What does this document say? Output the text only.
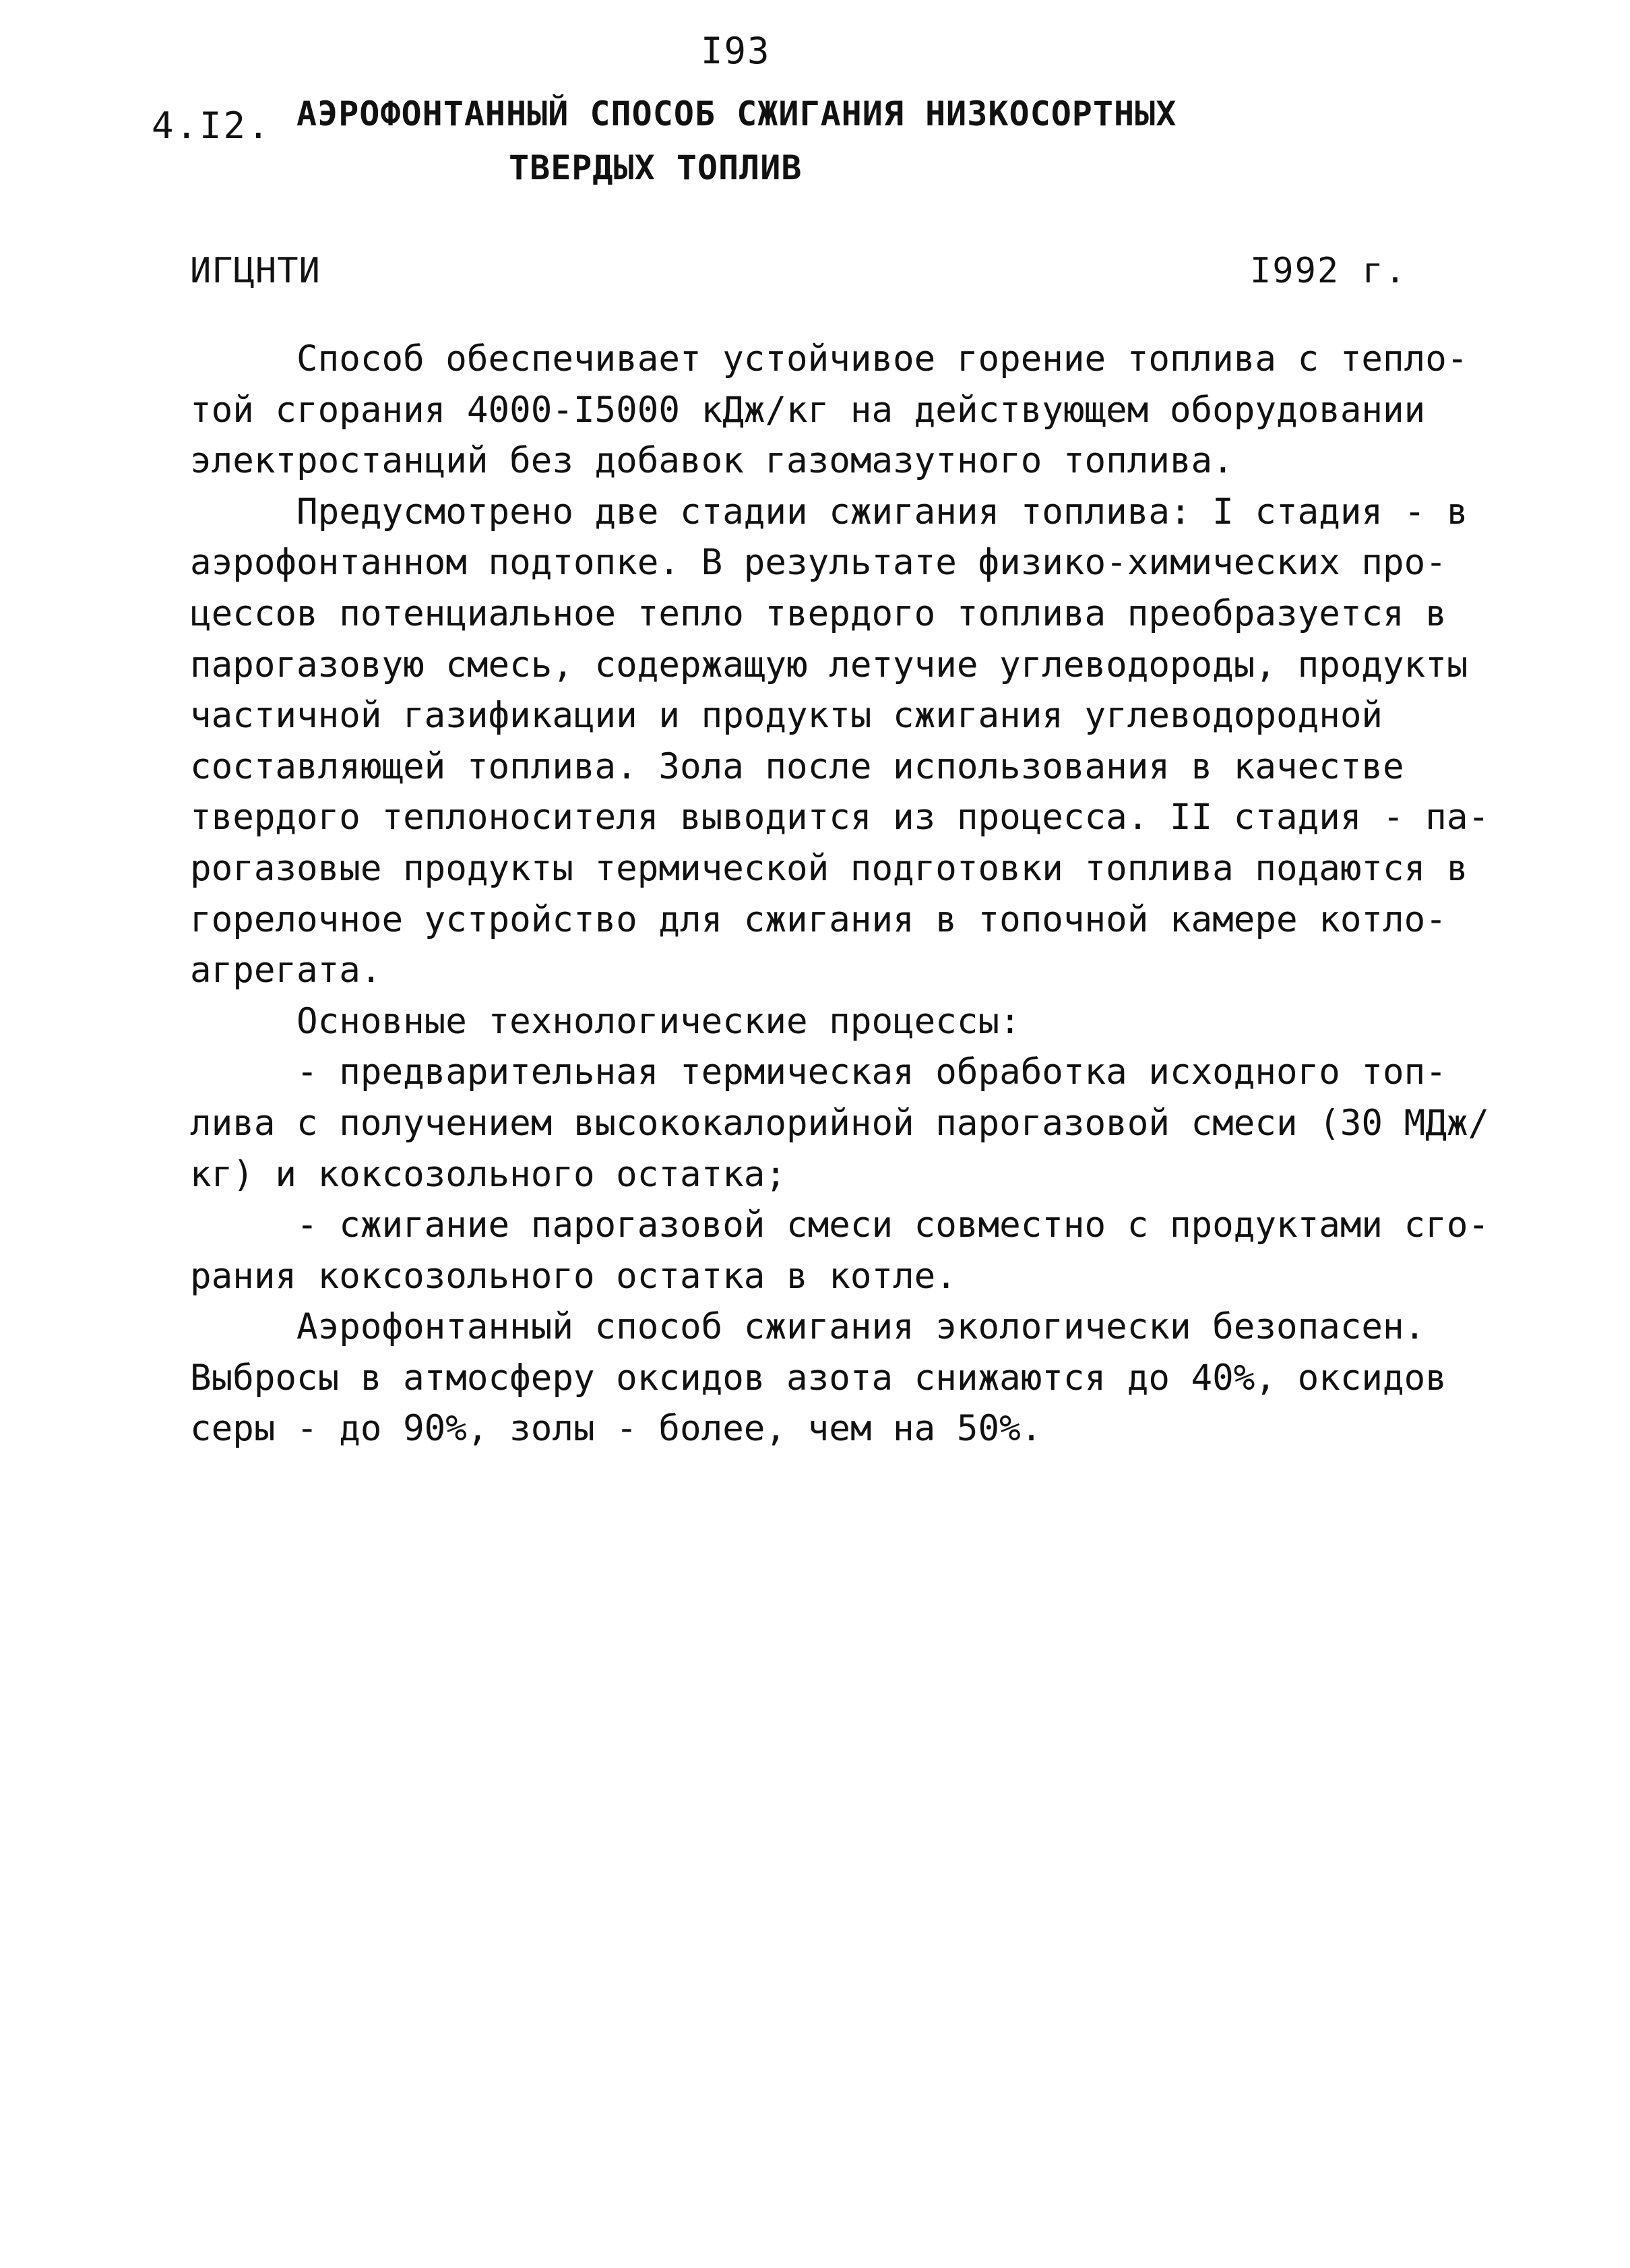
I93
4.I2. АЭРОФОНТАННЫЙ СПОСОБ СЖИГАНИЯ НИЗКОСОРТНЫХ
ТВЕРДЫХ ТОПЛИВ
ИГЦНТИ	I992 г.
Способ обеспечивает устойчивое горение топлива с тепло-
той сгорания 4000-I5000 кДж/кг на действующем оборудовании
электростанций без добавок газомазутного топлива.
Предусмотрено две стадии сжигания топлива: I стадия - в
аэрофонтанном подтопке. В результате физико-химических про-
цессов потенциальное тепло твердого топлива преобразуется в
парогазовую смесь, содержащую летучие углеводороды, продукты
частичной газификации и продукты сжигания углеводородной
составляющей топлива. Зола после использования в качестве
твердого теплоносителя выводится из процесса. II стадия - па-
рогазовые продукты термической подготовки топлива подаются в
горелочное устройство для сжигания в топочной камере котло-
агрегата.
Основные технологические процессы:
- предварительная термическая обработка исходного топ-
лива с получением высококалорийной парогазовой смеси (30 МДж/
кг) и коксозольного остатка;
- сжигание парогазовой смеси совместно с продуктами сго-
рания коксозольного остатка в котле.
Аэрофонтанный способ сжигания экологически безопасен.
Выбросы в атмосферу оксидов азота снижаются до 40%, оксидов
серы - до 90%, золы - более, чем на 50%.
